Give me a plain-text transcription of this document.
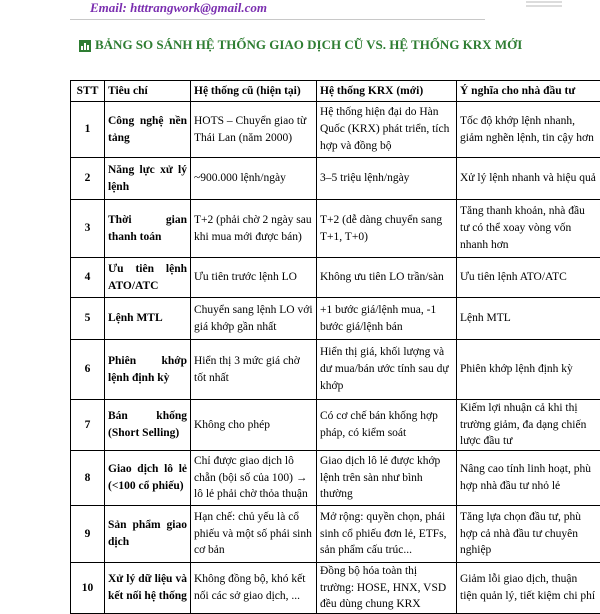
Email: htttrangwork@gmail.com
BẢNG SO SÁNH HỆ THỐNG GIAO DỊCH CŨ VS. HỆ THỐNG KRX MỚI
STT	Tiêu chí	Hệ thống cũ (hiện tại)	Hệ thống KRX (mới)	Ý nghĩa cho nhà đầu tư
1	Công nghệ nền tảng	HOTS – Chuyển giao từ Thái Lan (năm 2000)	Hệ thống hiện đại do Hàn Quốc (KRX) phát triển, tích hợp và đồng bộ	Tốc độ khớp lệnh nhanh, giảm nghẽn lệnh, tin cậy hơn
2	Năng lực xử lý lệnh	~900.000 lệnh/ngày	3–5 triệu lệnh/ngày	Xử lý lệnh nhanh và hiệu quả
3	Thời gian thanh toán	T+2 (phải chờ 2 ngày sau khi mua mới được bán)	T+2 (dễ dàng chuyển sang T+1, T+0)	Tăng thanh khoản, nhà đầu tư có thể xoay vòng vốn nhanh hơn
4	Ưu tiên lệnh ATO/ATC	Ưu tiên trước lệnh LO	Không ưu tiên LO trần/sàn	Ưu tiên lệnh ATO/ATC
5	Lệnh MTL	Chuyển sang lệnh LO với giá khớp gần nhất	+1 bước giá/lệnh mua, -1 bước giá/lệnh bán	Lệnh MTL
6	Phiên khớp lệnh định kỳ	Hiển thị 3 mức giá chờ tốt nhất	Hiển thị giá, khối lượng và dư mua/bán ước tính sau dự khớp	Phiên khớp lệnh định kỳ
7	Bán khống (Short Selling)	Không cho phép	Có cơ chế bán khống hợp pháp, có kiểm soát	Kiếm lợi nhuận cả khi thị trường giảm, đa dạng chiến lược đầu tư
8	Giao dịch lô lẻ (<100 cổ phiếu)	Chỉ được giao dịch lô chẵn (bội số của 100) → lô lẻ phải chờ thỏa thuận	Giao dịch lô lẻ được khớp lệnh trên sàn như bình thường	Nâng cao tính linh hoạt, phù hợp nhà đầu tư nhỏ lẻ
9	Sản phẩm giao dịch	Hạn chế: chủ yếu là cổ phiếu và một số phái sinh cơ bản	Mở rộng: quyền chọn, phái sinh cổ phiếu đơn lẻ, ETFs, sản phẩm cấu trúc...	Tăng lựa chọn đầu tư, phù hợp cả nhà đầu tư chuyên nghiệp
10	Xử lý dữ liệu và kết nối hệ thống	Không đồng bộ, khó kết nối các sở giao dịch, ...	Đồng bộ hóa toàn thị trường: HOSE, HNX, VSD đều dùng chung KRX	Giảm lỗi giao dịch, thuận tiện quản lý, tiết kiệm chi phí
